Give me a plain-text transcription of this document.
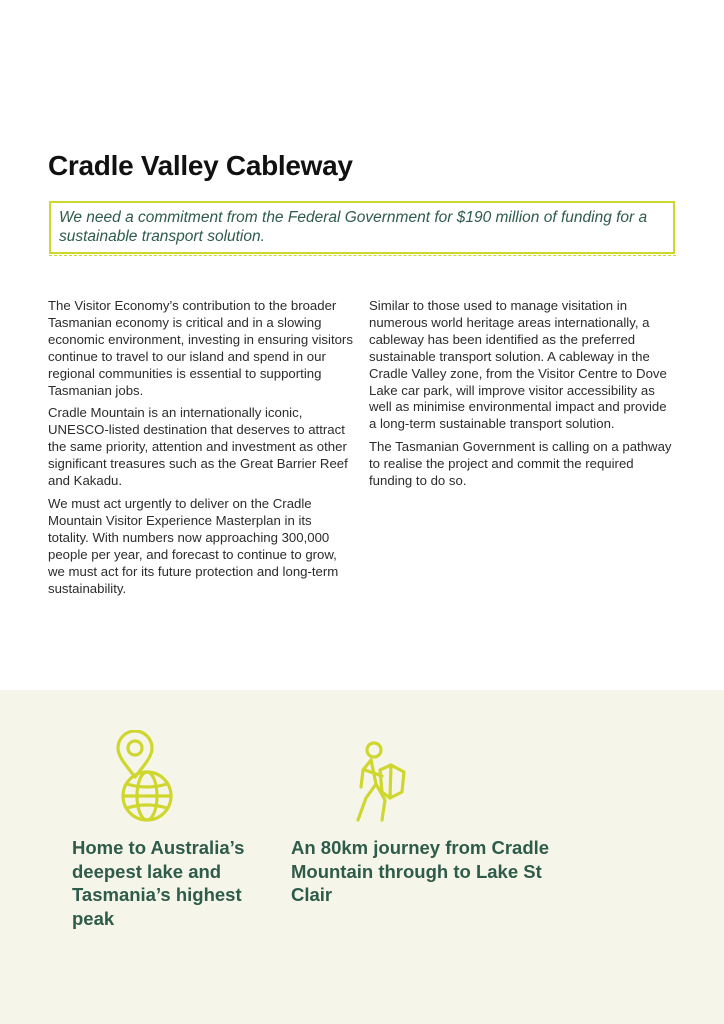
Cradle Valley Cableway
We need a commitment from the Federal Government for $190 million of funding for a sustainable transport solution.

The Visitor Economy’s contribution to the broader Tasmanian economy is critical and in a slowing economic environment, investing in ensuring visitors continue to travel to our island and spend in our regional communities is essential to supporting Tasmanian jobs.

Cradle Mountain is an internationally iconic, UNESCO-listed destination that deserves to attract the same priority, attention and investment as other significant treasures such as the Great Barrier Reef and Kakadu.

We must act urgently to deliver on the Cradle Mountain Visitor Experience Masterplan in its totality. With numbers now approaching 300,000 people per year, and forecast to continue to grow, we must act for its future protection and long-term sustainability.

Similar to those used to manage visitation in numerous world heritage areas internationally, a cableway has been identified as the preferred sustainable transport solution. A cableway in the Cradle Valley zone, from the Visitor Centre to Dove Lake car park, will improve visitor accessibility as well as minimise environmental impact and provide a long-term sustainable transport solution.

The Tasmanian Government is calling on a pathway to realise the project and commit the required funding to do so.

Home to Australia’s deepest lake and Tasmania’s highest peak
An 80km journey from Cradle Mountain through to Lake St Clair
